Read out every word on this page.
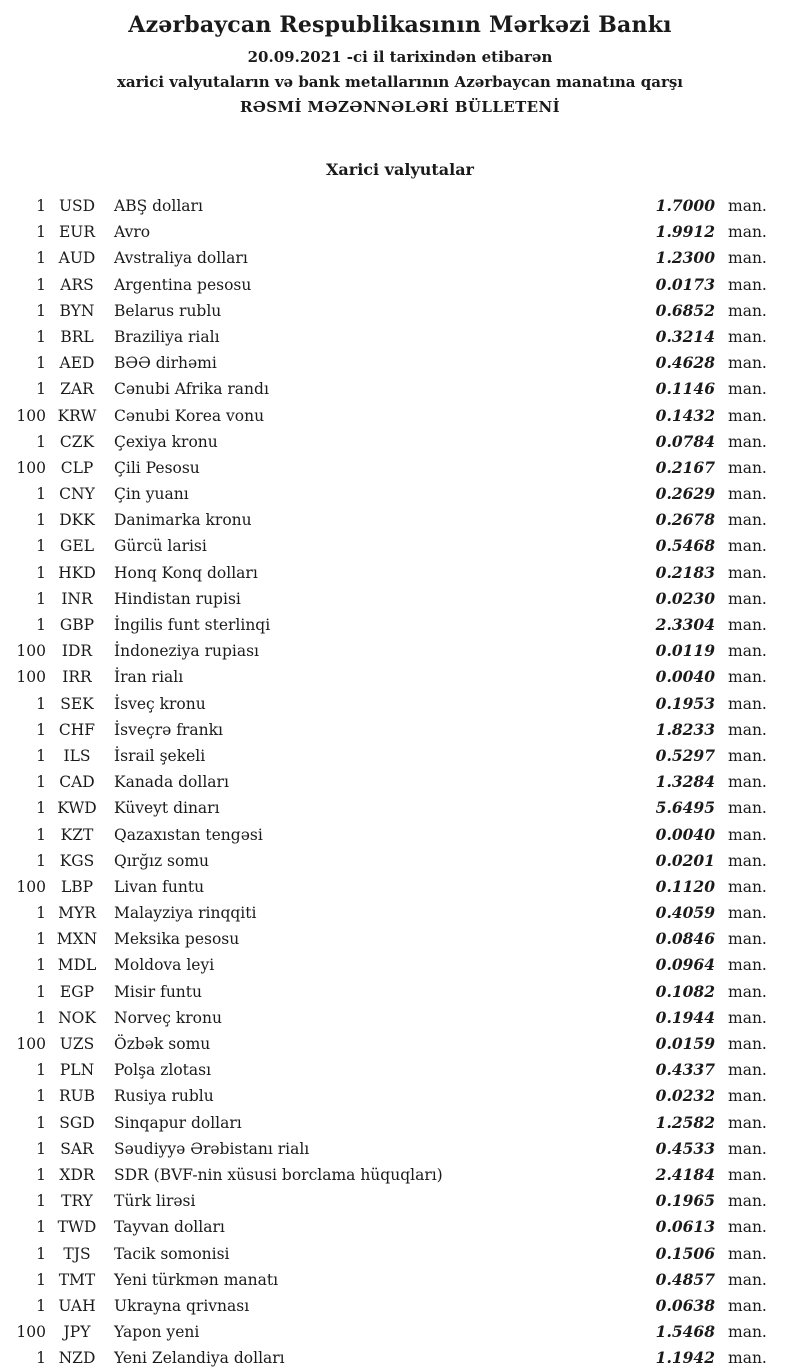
Azərbaycan Respublikasının Mərkəzi Bankı
20.09.2021 -ci il tarixindən etibarən
xarici valyutaların və bank metallarının Azərbaycan manatına qarşı
RƏSMİ MƏZƏNNƏLƏRİ BÜLLETENİ
Xarici valyutalar
1 USD	ABŞ dolları	1.7000 man.
1 EUR	Avro	1.9912 man.
1 AUD	Avstraliya dolları	1.2300 man.
1 ARS	Argentina pesosu	0.0173 man.
1 BYN	Belarus rublu	0.6852 man.
1 BRL	Braziliya rialı	0.3214 man.
1 AED	BƏƏ dirhəmi	0.4628 man.
1 ZAR	Cənubi Afrika randı	0.1146 man.
100 KRW	Cənubi Korea vonu	0.1432 man.
1 CZK	Çexiya kronu	0.0784 man.
100 CLP	Çili Pesosu	0.2167 man.
1 CNY	Çin yuanı	0.2629 man.
1 DKK	Danimarka kronu	0.2678 man.
1 GEL	Gürcü larisi	0.5468 man.
1 HKD	Honq Konq dolları	0.2183 man.
1 INR	Hindistan rupisi	0.0230 man.
1 GBP	İngilis funt sterlinqi	2.3304 man.
100	IDR	İndoneziya rupiası	0.0119 man.
100	IRR	İran rialı	0.0040 man.
1 SEK	İsveç kronu	0.1953 man.
1 CHF	İsveçrə frankı	1.8233 man.
1	ILS	İsrail şekeli	0.5297 man.
1 CAD	Kanada dolları	1.3284 man.
1 KWD	Küveyt dinarı	5.6495 man.
1 KZT	Qazaxıstan tengəsi	0.0040 man.
1 KGS	Qırğız somu	0.0201 man.
100 LBP	Livan funtu	0.1120 man.
1 MYR	Malayziya rinqqiti	0.4059 man.
1 MXN	Meksika pesosu	0.0846 man.
1 MDL	Moldova leyi	0.0964 man.
1 EGP	Misir funtu	0.1082 man.
1 NOK	Norveç kronu	0.1944 man.
100 UZS	Özbək somu	0.0159 man.
1 PLN	Polşa zlotası	0.4337 man.
1 RUB	Rusiya rublu	0.0232 man.
1 SGD	Sinqapur dolları	1.2582 man.
1 SAR	Səudiyyə Ərəbistanı rialı	0.4533 man.
1 XDR	SDR (BVF-nin xüsusi borclama hüquqları)	2.4184 man.
1 TRY	Türk lirəsi	0.1965 man.
1 TWD	Tayvan dolları	0.0613 man.
1	TJS	Tacik somonisi	0.1506 man.
1 TMT	Yeni türkmən manatı	0.4857 man.
1 UAH	Ukrayna qrivnası	0.0638 man.
100	JPY	Yapon yeni	1.5468 man.
1 NZD	Yeni Zelandiya dolları	1.1942 man.
